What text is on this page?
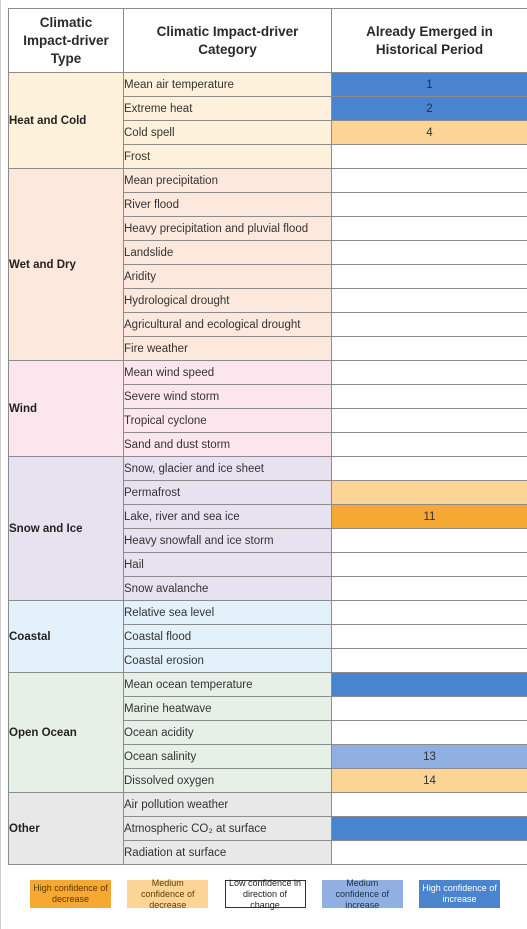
Climatic Impact-driver Type	Climatic Impact-driver Category	Already Emerged in Historical Period
Heat and Cold	Mean air temperature	1
	Extreme heat	2
	Cold spell	4
	Frost	
Wet and Dry	Mean precipitation	
	River flood	
	Heavy precipitation and pluvial flood	
	Landslide	
	Aridity	
	Hydrological drought	
	Agricultural and ecological drought	
	Fire weather	
Wind	Mean wind speed	
	Severe wind storm	
	Tropical cyclone	
	Sand and dust storm	
Snow and Ice	Snow, glacier and ice sheet	
	Permafrost	
	Lake, river and sea ice	11
	Heavy snowfall and ice storm	
	Hail	
	Snow avalanche	
Coastal	Relative sea level	
	Coastal flood	
	Coastal erosion	
Open Ocean	Mean ocean temperature	
	Marine heatwave	
	Ocean acidity	
	Ocean salinity	13
	Dissolved oxygen	14
Other	Air pollution weather	
	Atmospheric CO₂ at surface	
	Radiation at surface	
High confidence of decrease
Medium confidence of decrease
Low confidence in direction of change
Medium confidence of increase
High confidence of increase
